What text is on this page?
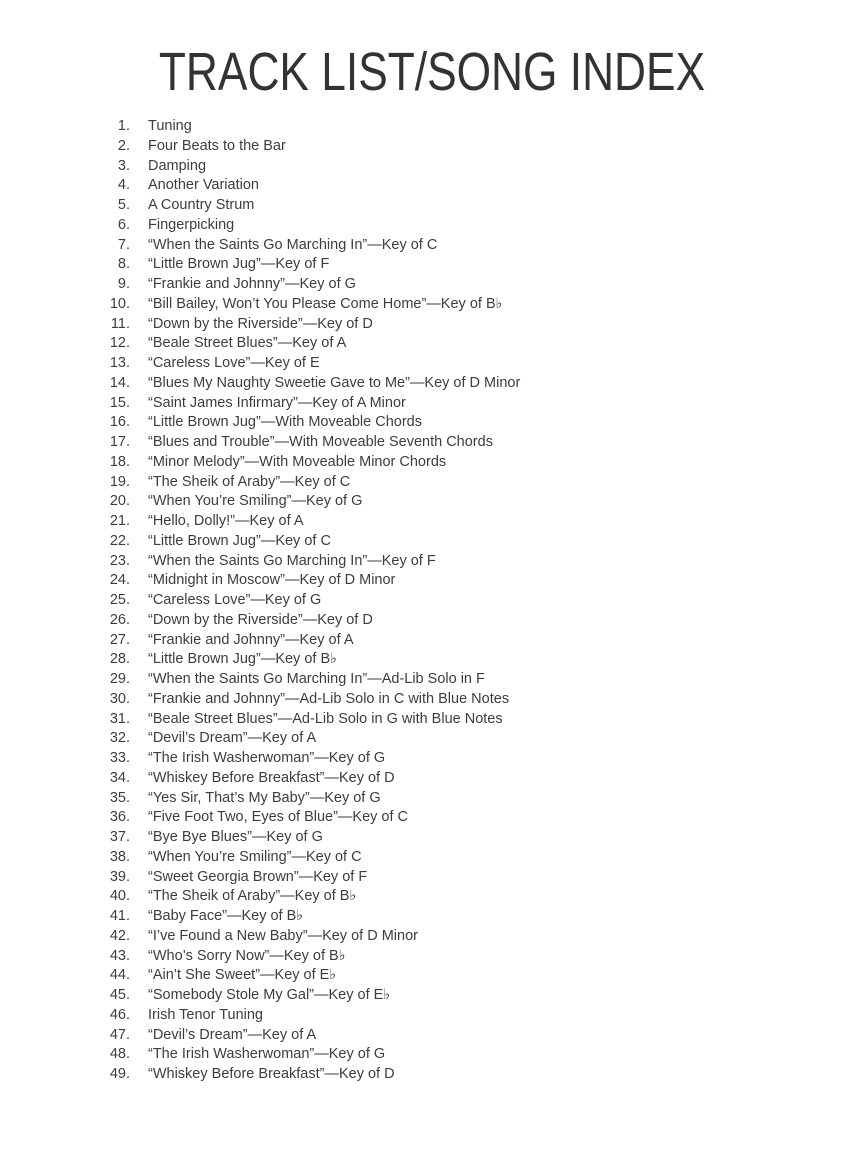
TRACK LIST/SONG INDEX
1. Tuning
2. Four Beats to the Bar
3. Damping
4. Another Variation
5. A Country Strum
6. Fingerpicking
7. “When the Saints Go Marching In”—Key of C
8. “Little Brown Jug”—Key of F
9. “Frankie and Johnny”—Key of G
10. “Bill Bailey, Won’t You Please Come Home”—Key of B♭
11. “Down by the Riverside”—Key of D
12. “Beale Street Blues”—Key of A
13. “Careless Love”—Key of E
14. “Blues My Naughty Sweetie Gave to Me”—Key of D Minor
15. “Saint James Infirmary”—Key of A Minor
16. “Little Brown Jug”—With Moveable Chords
17. “Blues and Trouble”—With Moveable Seventh Chords
18. “Minor Melody”—With Moveable Minor Chords
19. “The Sheik of Araby”—Key of C
20. “When You’re Smiling”—Key of G
21. “Hello, Dolly!”—Key of A
22. “Little Brown Jug”—Key of C
23. “When the Saints Go Marching In”—Key of F
24. “Midnight in Moscow”—Key of D Minor
25. “Careless Love”—Key of G
26. “Down by the Riverside”—Key of D
27. “Frankie and Johnny”—Key of A
28. “Little Brown Jug”—Key of B♭
29. “When the Saints Go Marching In”—Ad-Lib Solo in F
30. “Frankie and Johnny”—Ad-Lib Solo in C with Blue Notes
31. “Beale Street Blues”—Ad-Lib Solo in G with Blue Notes
32. “Devil’s Dream”—Key of A
33. “The Irish Washerwoman”—Key of G
34. “Whiskey Before Breakfast”—Key of D
35. “Yes Sir, That’s My Baby”—Key of G
36. “Five Foot Two, Eyes of Blue”—Key of C
37. “Bye Bye Blues”—Key of G
38. “When You’re Smiling”—Key of C
39. “Sweet Georgia Brown”—Key of F
40. “The Sheik of Araby”—Key of B♭
41. “Baby Face”—Key of B♭
42. “I’ve Found a New Baby”—Key of D Minor
43. “Who’s Sorry Now”—Key of B♭
44. “Ain’t She Sweet”—Key of E♭
45. “Somebody Stole My Gal”—Key of E♭
46. Irish Tenor Tuning
47. “Devil’s Dream”—Key of A
48. “The Irish Washerwoman”—Key of G
49. “Whiskey Before Breakfast”—Key of D
